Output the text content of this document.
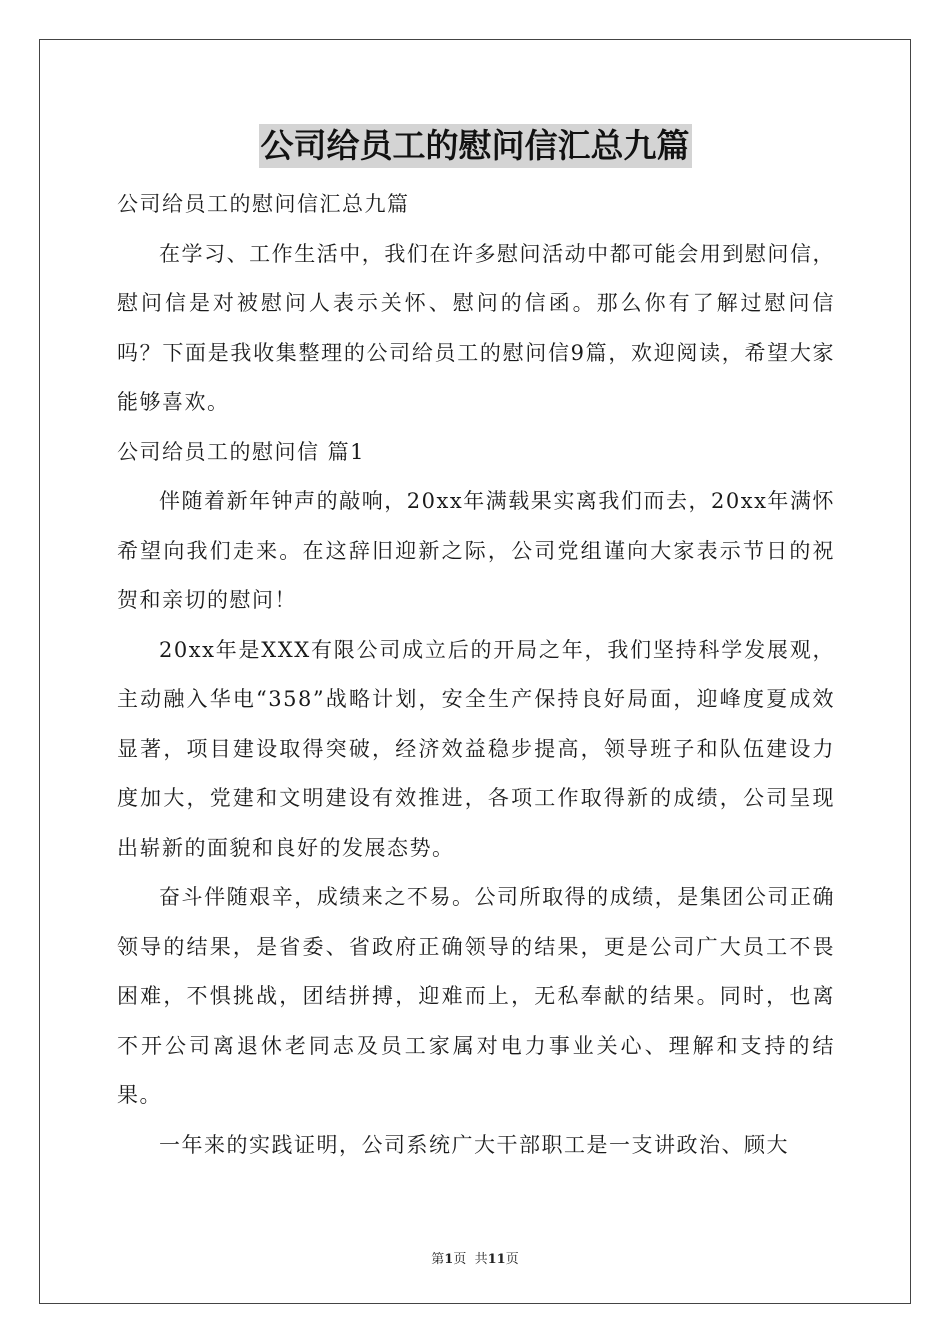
公司给员工的慰问信汇总九篇

公司给员工的慰问信汇总九篇

在学习、工作生活中，我们在许多慰问活动中都可能会用到慰问信，慰问信是对被慰问人表示关怀、慰问的信函。那么你有了解过慰问信吗？下面是我收集整理的公司给员工的慰问信9篇，欢迎阅读，希望大家能够喜欢。

公司给员工的慰问信 篇1

伴随着新年钟声的敲响，20xx年满载果实离我们而去，20xx年满怀希望向我们走来。在这辞旧迎新之际，公司党组谨向大家表示节日的祝贺和亲切的慰问！

20xx年是XXX有限公司成立后的开局之年，我们坚持科学发展观，主动融入华电“358”战略计划，安全生产保持良好局面，迎峰度夏成效显著，项目建设取得突破，经济效益稳步提高，领导班子和队伍建设力度加大，党建和文明建设有效推进，各项工作取得新的成绩，公司呈现出崭新的面貌和良好的发展态势。

奋斗伴随艰辛，成绩来之不易。公司所取得的成绩，是集团公司正确领导的结果，是省委、省政府正确领导的结果，更是公司广大员工不畏困难，不惧挑战，团结拼搏，迎难而上，无私奉献的结果。同时，也离不开公司离退休老同志及员工家属对电力事业关心、理解和支持的结果。

一年来的实践证明，公司系统广大干部职工是一支讲政治、顾大

第1页  共11页
